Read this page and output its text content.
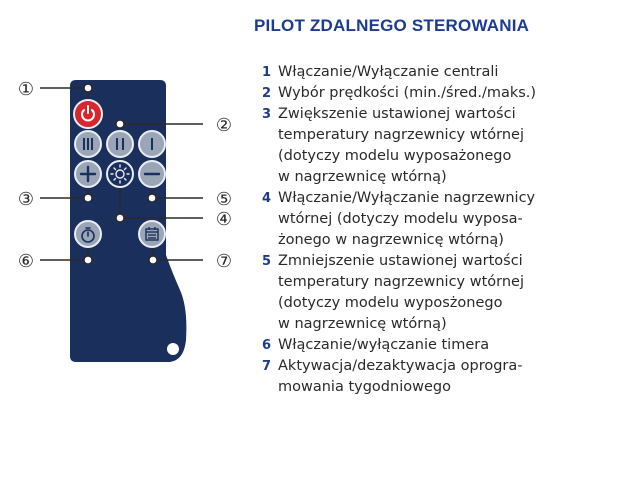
PILOT ZDALNEGO STEROWANIA
①
②
③
④
⑤
⑥	⑦
1 Włączanie/Wyłączanie centrali
2 Wybór prędkości (min./śred./maks.)
3 Zwiększenie ustawionej wartości
temperatury nagrzewnicy wtórnej
(dotyczy modelu wyposażonego
w nagrzewnicę wtórną)
4 Włączanie/Wyłączanie nagrzewnicy
wtórnej (dotyczy modelu wyposa-
żonego w nagrzewnicę wtórną)
5 Zmniejszenie ustawionej wartości
temperatury nagrzewnicy wtórnej
(dotyczy modelu wyposżonego
w nagrzewnicę wtórną)
6 Włączanie/wyłączanie timera
7 Aktywacja/dezaktywacja oprogra-
mowania tygodniowego
